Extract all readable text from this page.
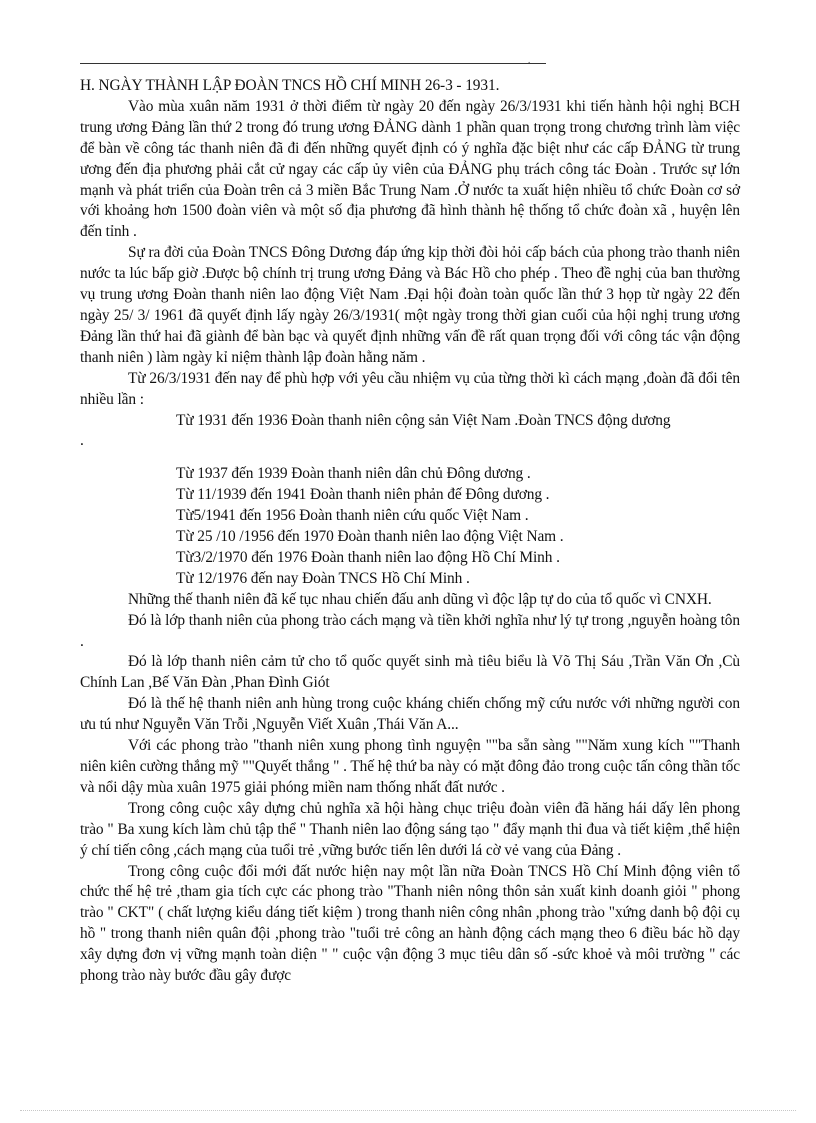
.

H. NGÀY THÀNH LẬP ĐOÀN TNCS HỒ CHÍ MINH 26-3 - 1931.

Vào mùa xuân năm 1931 ở thời điểm từ ngày 20 đến ngày 26/3/1931 khi tiến hành hội nghị BCH trung ương Đảng lần thứ 2 trong đó trung ương ĐẢNG dành 1 phần quan trọng trong chương trình làm việc để bàn về công tác thanh niên đã đi đến những quyết định có ý nghĩa đặc biệt như các cấp ĐẢNG từ trung ương đến địa phương phải cắt cử ngay các cấp ủy viên của ĐẢNG phụ trách công tác Đoàn . Trước sự lớn mạnh và phát triển của Đoàn trên cả 3 miền Bắc Trung Nam .Ở nước ta xuất hiện nhiều tổ chức Đoàn cơ sở với khoảng hơn 1500 đoàn viên và một số địa phương đã hình thành hệ thống tổ chức đoàn xã , huyện lên đến tỉnh .

Sự ra đời của Đoàn TNCS Đông Dương đáp ứng kịp thời đòi hỏi cấp bách của phong trào thanh niên nước ta lúc bấp giờ .Được bộ chính trị trung ương Đảng và Bác Hồ cho phép . Theo đề nghị của ban thường vụ trung ương Đoàn thanh niên lao động Việt Nam .Đại hội đoàn toàn quốc lần thứ 3 họp từ ngày 22 đến ngày 25/ 3/ 1961 đã quyết định lấy ngày 26/3/1931( một ngày trong thời gian cuối của hội nghị trung ương Đảng lần thứ hai đã giành để bàn bạc và quyết định những vấn đề rất quan trọng đối với công tác vận động thanh niên ) làm ngày kỉ niệm thành lập đoàn hằng năm .

Từ 26/3/1931 đến nay để phù hợp với yêu cầu nhiệm vụ của từng thời kì cách mạng ,đoàn đã đổi tên nhiều lần :

Từ 1931 đến 1936 Đoàn thanh niên cộng sản Việt Nam .Đoàn TNCS động dương

.

Từ 1937 đến 1939 Đoàn thanh niên dân chủ Đông dương .

Từ 11/1939 đến 1941 Đoàn thanh niên phản đế Đông dương .

Từ5/1941 đến 1956 Đoàn thanh niên cứu quốc Việt Nam .

Từ 25 /10 /1956 đến 1970 Đoàn thanh niên lao động Việt Nam .

Từ3/2/1970 đến 1976 Đoàn thanh niên lao động Hồ Chí Minh .

Từ 12/1976 đến nay Đoàn TNCS Hồ Chí Minh .

Những thế thanh niên đã kế tục nhau chiến đấu anh dũng vì độc lập tự do của tổ quốc vì CNXH.

Đó là lớp thanh niên của phong trào cách mạng và tiền khởi nghĩa như lý tự trong ,nguyễn hoàng tôn .

Đó là lớp thanh niên cảm tử cho tổ quốc quyết sinh mà tiêu biểu là Võ Thị Sáu ,Trần Văn Ơn ,Cù Chính Lan ,Bế Văn Đàn ,Phan Đình Giót

Đó là thế hệ thanh niên anh hùng trong cuộc kháng chiến chống mỹ cứu nước với những người con ưu tú như Nguyễn Văn Trỗi ,Nguyễn Viết Xuân ,Thái Văn A...

Với các phong trào "thanh niên xung phong tình nguyện ""ba sẵn sàng ""Năm xung kích ""Thanh niên kiên cường thắng mỹ ""Quyết thắng " . Thế hệ thứ ba này có mặt đông đảo trong cuộc tấn công thần tốc và nổi dậy mùa xuân 1975 giải phóng miền nam thống nhất đất nước .

Trong công cuộc xây dựng chủ nghĩa xã hội hàng chục triệu đoàn viên đã hăng hái dấy lên phong trào " Ba xung kích làm chủ tập thể " Thanh niên lao động sáng tạo " đẩy mạnh thi đua và tiết kiệm ,thể hiện ý chí tiến công ,cách mạng của tuổi trẻ ,vững bước tiến lên dưới lá cờ vẻ vang của Đảng .

Trong công cuộc đổi mới đất nước hiện nay một lần nữa Đoàn TNCS Hồ Chí Minh động viên tổ chức thế hệ trẻ ,tham gia tích cực các phong trào "Thanh niên nông thôn sản xuất kinh doanh giỏi " phong trào " CKT" ( chất lượng kiểu dáng tiết kiệm ) trong thanh niên công nhân ,phong trào "xứng danh bộ đội cụ hồ " trong thanh niên quân đội ,phong trào "tuổi trẻ công an hành động cách mạng theo 6 điều bác hồ dạy xây dựng đơn vị vững mạnh toàn diện " " cuộc vận động 3 mục tiêu dân số -sức khoẻ và môi trường " các phong trào này bước đầu gây được
